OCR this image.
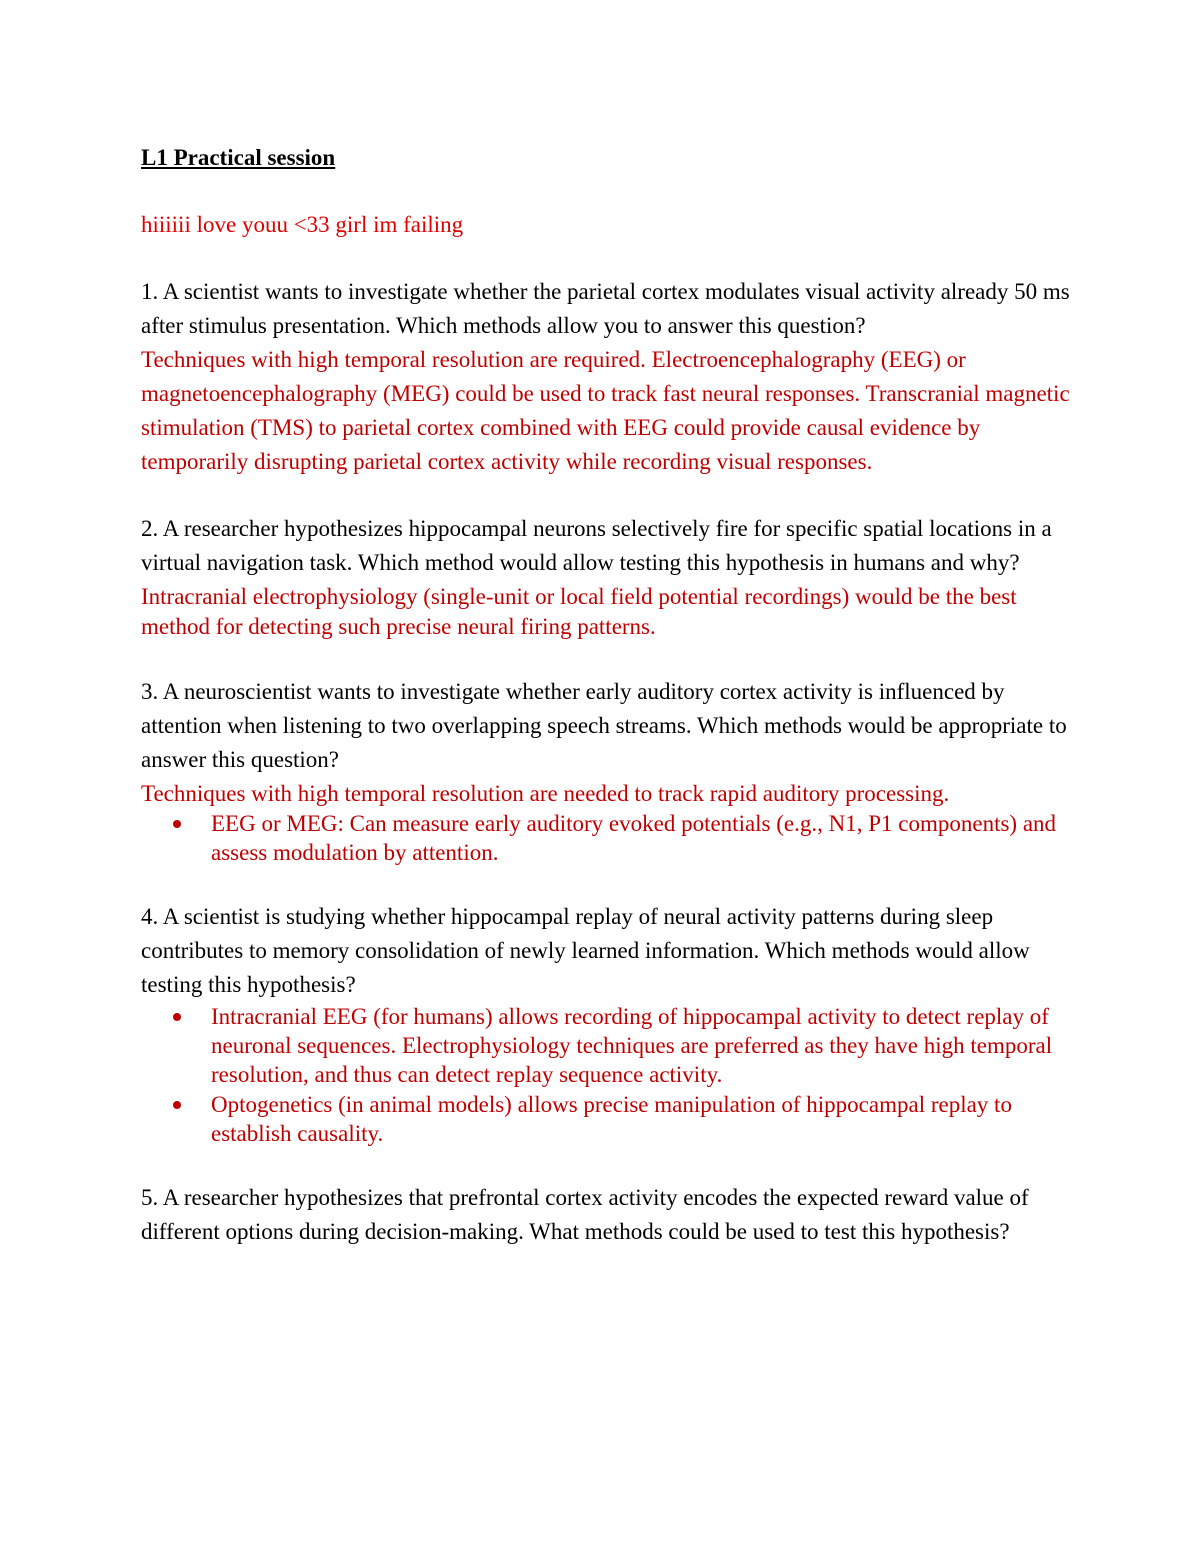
L1 Practical session

hiiiiii love youu <33 girl im failing

1. A scientist wants to investigate whether the parietal cortex modulates visual activity already 50 ms after stimulus presentation. Which methods allow you to answer this question?

Techniques with high temporal resolution are required. Electroencephalography (EEG) or magnetoencephalography (MEG) could be used to track fast neural responses. Transcranial magnetic stimulation (TMS) to parietal cortex combined with EEG could provide causal evidence by temporarily disrupting parietal cortex activity while recording visual responses.

2. A researcher hypothesizes hippocampal neurons selectively fire for specific spatial locations in a virtual navigation task. Which method would allow testing this hypothesis in humans and why?

Intracranial electrophysiology (single-unit or local field potential recordings) would be the best method for detecting such precise neural firing patterns.

3. A neuroscientist wants to investigate whether early auditory cortex activity is influenced by attention when listening to two overlapping speech streams. Which methods would be appropriate to answer this question?

Techniques with high temporal resolution are needed to track rapid auditory processing.

EEG or MEG: Can measure early auditory evoked potentials (e.g., N1, P1 components) and assess modulation by attention.

4. A scientist is studying whether hippocampal replay of neural activity patterns during sleep contributes to memory consolidation of newly learned information. Which methods would allow testing this hypothesis?

Intracranial EEG (for humans) allows recording of hippocampal activity to detect replay of neuronal sequences. Electrophysiology techniques are preferred as they have high temporal resolution, and thus can detect replay sequence activity.
Optogenetics (in animal models) allows precise manipulation of hippocampal replay to establish causality.

5. A researcher hypothesizes that prefrontal cortex activity encodes the expected reward value of different options during decision-making. What methods could be used to test this hypothesis?
